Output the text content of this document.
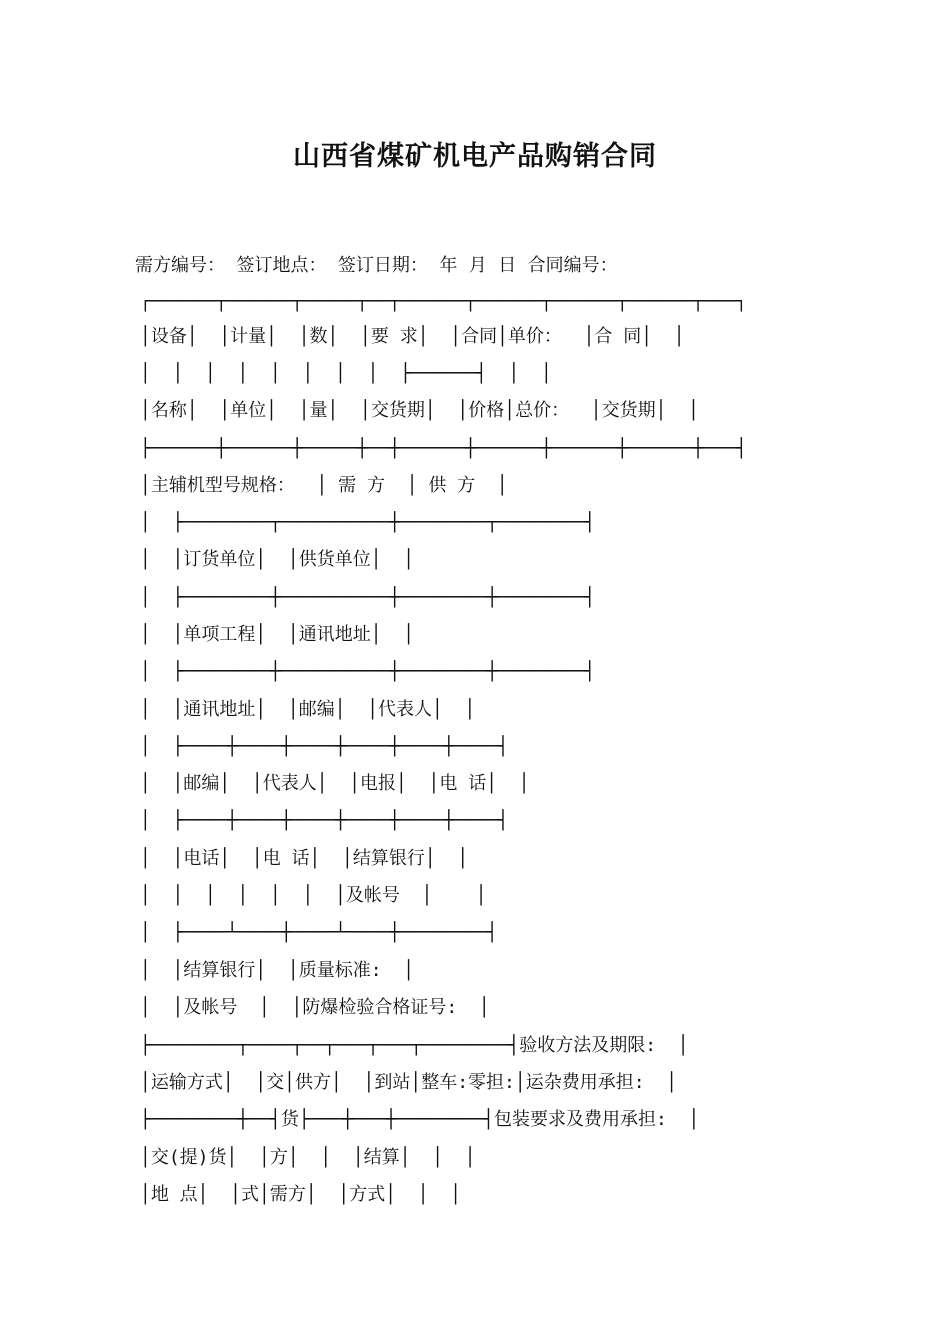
山西省煤矿机电产品购销合同
需方编号：  签订地点：  签订日期：  年  月  日  合同编号：
┌──────┬──────┬─────┬──┬──────┬──────┬──────┬──────┬───┐
│设备│  │计量│  │数│  │要 求│  │合同│单价：  │合 同│  │
│  │  │  │  │  │  │  │  ├──────┤  │  │
│名称│  │单位│  │量│  │交货期│  │价格│总价：  │交货期│  │
├──────┼──────┼─────┼──┼──────┼──────┼──────┼──────┼───┤
│主辅机型号规格：  │ 需 方  │ 供 方  │
│  ├────────┬──────────┼────────┬────────┤
│  │订货单位│  │供货单位│  │
│  ├────────┼──────────┼────────┼────────┤
│  │单项工程│  │通讯地址│  │
│  ├────────┼──────────┼────────┼────────┤
│  │通讯地址│  │邮编│  │代表人│  │
│  ├────┼────┼────┼────┼────┼────┤
│  │邮编│  │代表人│  │电报│  │电 话│  │
│  ├────┼────┼────┼────┼────┼────┤
│  │电话│  │电 话│  │结算银行│  │
│  │  │  │  │  │  │及帐号  │    │
│  ├────┴────┼────┴────┼────────┤
│  │结算银行│  │质量标准:  │
│  │及帐号  │  │防爆检验合格证号:  │
├────────┬────┬──┬───┬───┬────────┤验收方法及期限:  │
│运输方式│  │交│供方│  │到站│整车:零担:│运杂费用承担:  │
├────────┼──┤货├───┼───┼────────┤包装要求及费用承担:  │
│交(提)货│  │方│  │  │结算│  │  │
│地 点│  │式│需方│  │方式│  │  │
